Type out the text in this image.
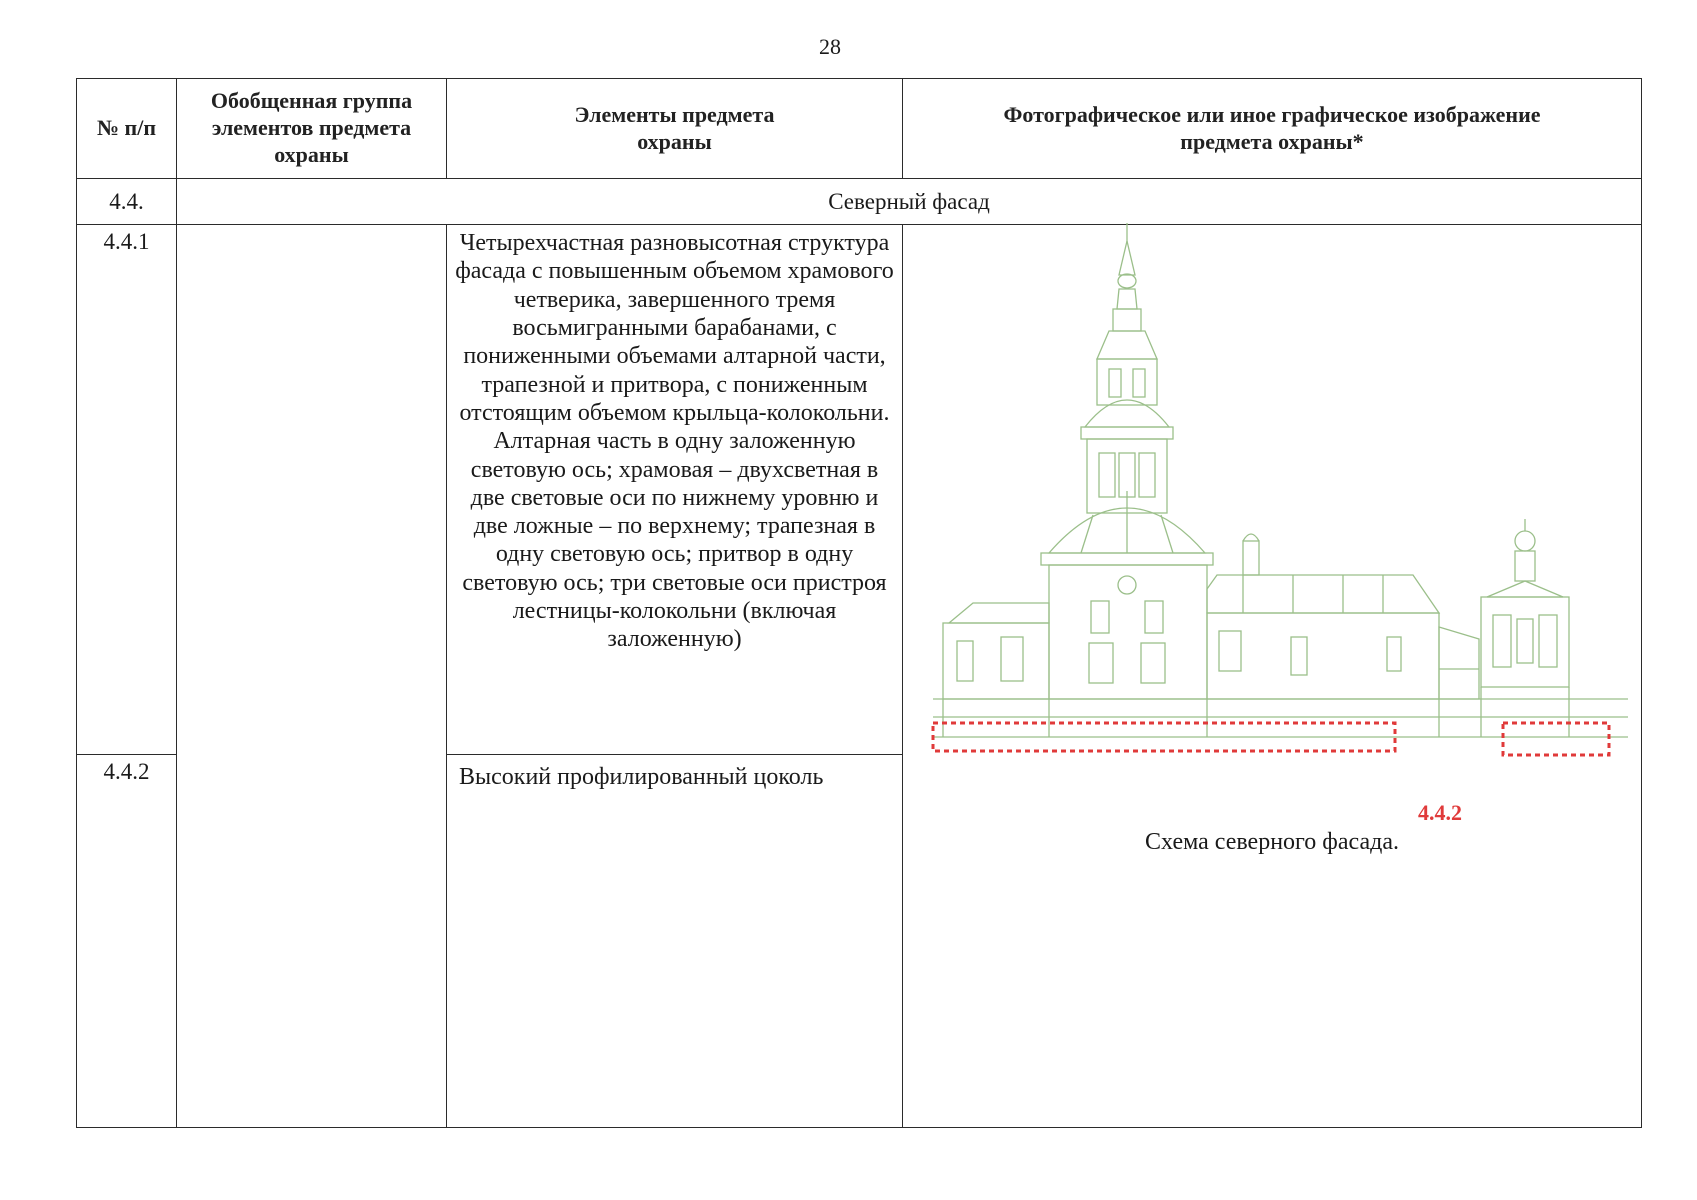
28
№ п/п	Обобщенная группа элементов предмета охраны	Элементы предмета охраны	Фотографическое или иное графическое изображение предмета охраны*
4.4.	Северный фасад		
4.4.1		Четырехчастная разновысотная структура фасада с повышенным объемом храмового четверика, завершенного тремя восьмигранными барабанами, с пониженными объемами алтарной части, трапезной и притвора, с пониженным отстоящим объемом крыльца-колокольни. Алтарная часть в одну заложенную световую ось; храмовая – двухсветная в две световые оси по нижнему уровню и две ложные – по верхнему; трапезная в одну световую ось; притвор в одну световую ось; три световые оси пристроя лестницы-колокольни (включая заложенную)	4.4.2
Схема северного фасада.

4.4.2		Высокий профилированный цоколь	
